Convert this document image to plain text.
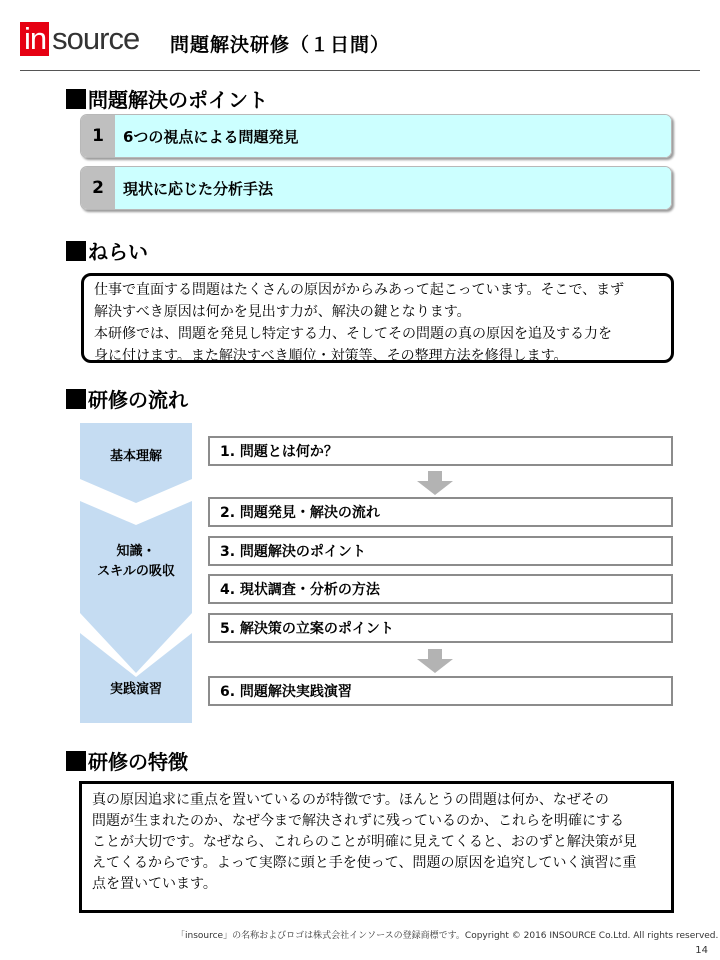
in source 問題解決研修（１日間）
問題解決のポイント
1	6つの視点による問題発見
2	現状に応じた分析手法
ねらい
仕事で直面する問題はたくさんの原因がからみあって起こっています。そこで、まず
解決すべき原因は何かを見出す力が、解決の鍵となります。
本研修では、問題を発見し特定する力、そしてその問題の真の原因を追及する力を
身に付けます。また解決すべき順位・対策等、その整理方法を修得します。
研修の流れ
基本理解
知識・
スキルの吸収
実践演習
1. 問題とは何か？
2. 問題発見・解決の流れ
3. 問題解決のポイント
4. 現状調査・分析の方法
5. 解決策の立案のポイント
6. 問題解決実践演習
研修の特徴
真の原因追求に重点を置いているのが特徴です。ほんとうの問題は何か、なぜその
問題が生まれたのか、なぜ今まで解決されずに残っているのか、これらを明確にする
ことが大切です。なぜなら、これらのことが明確に見えてくると、おのずと解決策が見
えてくるからです。よって実際に頭と手を使って、問題の原因を追究していく演習に重
点を置いています。
「insource」の名称およびロゴは株式会社インソースの登録商標です。Copyright © 2016 INSOURCE Co.Ltd. All rights reserved.
14
